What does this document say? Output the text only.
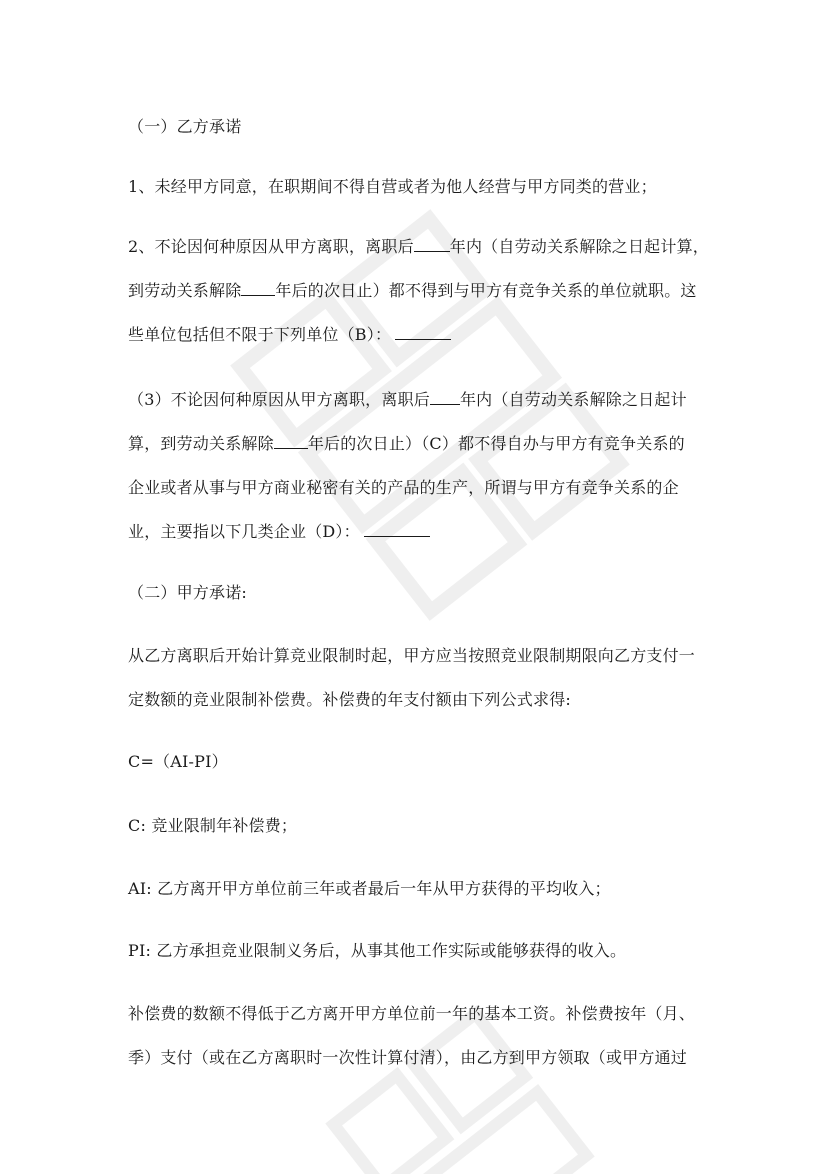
（一）乙方承诺
1、未经甲方同意，在职期间不得自营或者为他人经营与甲方同类的营业；
2、不论因何种原因从甲方离职，离职后 年内（自劳动关系解除之日起计算，
到劳动关系解除 年后的次日止）都不得到与甲方有竞争关系的单位就职。这
些单位包括但不限于下列单位（B）：
（3）不论因何种原因从甲方离职，离职后 年内（自劳动关系解除之日起计
算，到劳动关系解除 年后的次日止）（C）都不得自办与甲方有竞争关系的
企业或者从事与甲方商业秘密有关的产品的生产，所谓与甲方有竞争关系的企
业，主要指以下几类企业（D）：
（二）甲方承诺:
从乙方离职后开始计算竞业限制时起，甲方应当按照竞业限制期限向乙方支付一
定数额的竞业限制补偿费。补偿费的年支付额由下列公式求得:
C=（AI-PI）
C: 竞业限制年补偿费；
AI: 乙方离开甲方单位前三年或者最后一年从甲方获得的平均收入；
PI: 乙方承担竞业限制义务后，从事其他工作实际或能够获得的收入。
补偿费的数额不得低于乙方离开甲方单位前一年的基本工资。补偿费按年（月、
季）支付（或在乙方离职时一次性计算付清），由乙方到甲方领取（或甲方通过
